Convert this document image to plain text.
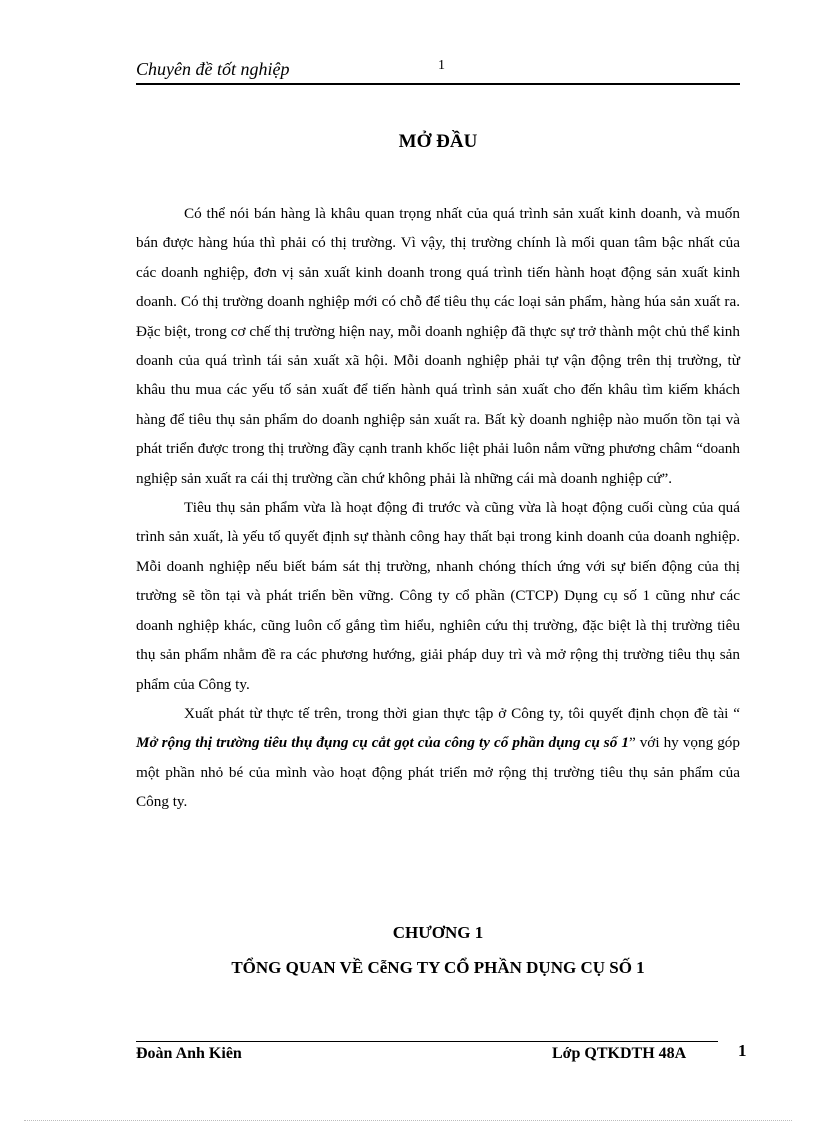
Chuyên đề tốt nghiệp	1
MỞ ĐẦU

Có thể nói bán hàng là khâu quan trọng nhất của quá trình sản xuất kinh doanh, và muốn bán được hàng húa thì phải có thị trường. Vì vậy, thị trường chính là mối quan tâm bậc nhất của các doanh nghiệp, đơn vị sản xuất kinh doanh trong quá trình tiến hành hoạt động sản xuất kinh doanh. Có thị trường doanh nghiệp mới có chỗ để tiêu thụ các loại sản phẩm, hàng húa sản xuất ra. Đặc biệt, trong cơ chế thị trường hiện nay, mỗi doanh nghiệp đã thực sự trở thành một chủ thể kinh doanh của quá trình tái sản xuất xã hội. Mỗi doanh nghiệp phải tự vận động trên thị trường, từ khâu thu mua các yếu tố sản xuất để tiến hành quá trình sản xuất cho đến khâu tìm kiếm khách hàng để tiêu thụ sản phẩm do doanh nghiệp sản xuất ra. Bất kỳ doanh nghiệp nào muốn tồn tại và phát triển được trong thị trường đầy cạnh tranh khốc liệt phải luôn nắm vững phương châm “doanh nghiệp sản xuất ra cái thị trường cần chứ không phải là những cái mà doanh nghiệp cứ”.

Tiêu thụ sản phẩm vừa là hoạt động đi trước và cũng vừa là hoạt động cuối cùng của quá trình sản xuất, là yếu tố quyết định sự thành công hay thất bại trong kinh doanh của doanh nghiệp. Mỗi doanh nghiệp nếu biết bám sát thị trường, nhanh chóng thích ứng với sự biến động của thị trường sẽ tồn tại và phát triển bền vững. Công ty cổ phần (CTCP) Dụng cụ số 1 cũng như các doanh nghiệp khác, cũng luôn cố gắng tìm hiểu, nghiên cứu thị trường, đặc biệt là thị trường tiêu thụ sản phẩm nhằm đề ra các phương hướng, giải pháp duy trì và mở rộng thị trường tiêu thụ sản phẩm của Công ty.

Xuất phát từ thực tế trên, trong thời gian thực tập ở Công ty, tôi quyết định chọn đề tài “ Mở rộng thị trường tiêu thụ đụng cụ cắt gọt của công ty cổ phần dụng cụ số 1” với hy vọng góp một phần nhỏ bé của mình vào hoạt động phát triển mở rộng thị trường tiêu thụ sản phẩm của Công ty.

CHƯƠNG 1
TỔNG QUAN VỀ CễNG TY CỔ PHẦN DỤNG CỤ SỐ 1
Đoàn Anh Kiên	Lớp QTKDTH 48A	1
